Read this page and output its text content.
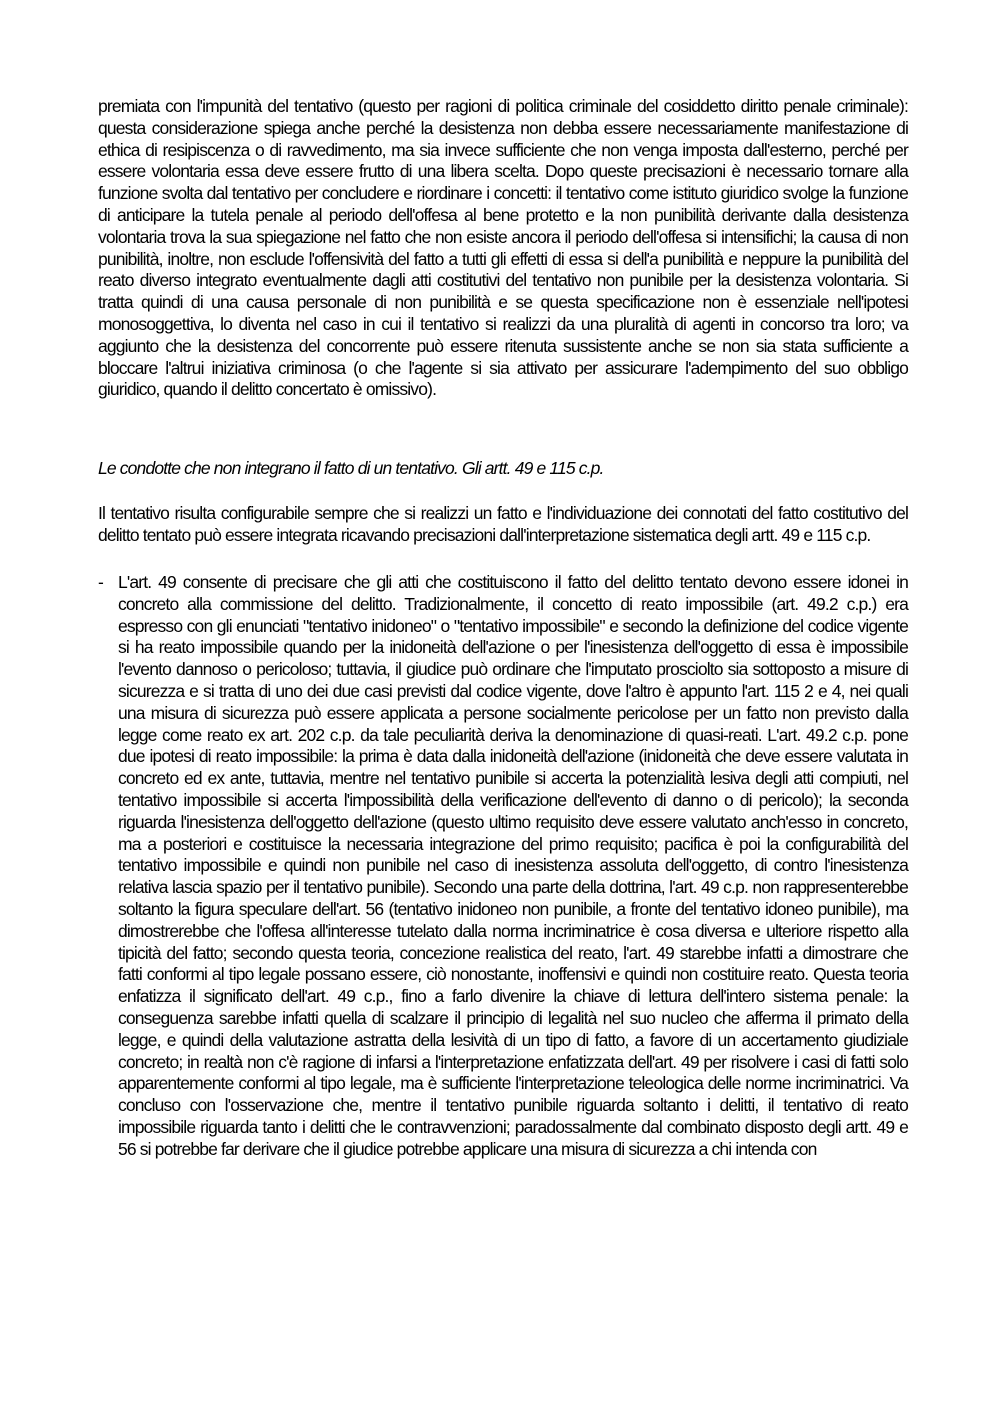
premiata con l'impunità del tentativo (questo per ragioni di politica criminale del cosiddetto diritto penale criminale): questa considerazione spiega anche perché la desistenza non debba essere necessariamente manifestazione di ethica di resipiscenza o di ravvedimento, ma sia invece sufficiente che non venga imposta dall'esterno, perché per essere volontaria essa deve essere frutto di una libera scelta. Dopo queste precisazioni è necessario tornare alla funzione svolta dal tentativo per concludere e riordinare i concetti: il tentativo come istituto giuridico svolge la funzione di anticipare la tutela penale al periodo dell'offesa al bene protetto e la non punibilità derivante dalla desistenza volontaria trova la sua spiegazione nel fatto che non esiste ancora il periodo dell'offesa si intensifichi; la causa di non punibilità, inoltre, non esclude l'offensività del fatto a tutti gli effetti di essa si dell'a punibilità e neppure la punibilità del reato diverso integrato eventualmente dagli atti costitutivi del tentativo non punibile per la desistenza volontaria. Si tratta quindi di una causa personale di non punibilità e se questa specificazione non è essenziale nell'ipotesi monosoggettiva, lo diventa nel caso in cui il tentativo si realizzi da una pluralità di agenti in concorso tra loro; va aggiunto che la desistenza del concorrente può essere ritenuta sussistente anche se non sia stata sufficiente a bloccare l'altrui iniziativa criminosa (o che l'agente si sia attivato per assicurare l'adempimento del suo obbligo giuridico, quando il delitto concertato è omissivo).

Le condotte che non integrano il fatto di un tentativo. Gli artt. 49 e 115 c.p.

Il tentativo risulta configurabile sempre che si realizzi un fatto e l'individuazione dei connotati del fatto costitutivo del delitto tentato può essere integrata ricavando precisazioni dall'interpretazione sistematica degli artt. 49 e 115 c.p.

- L'art. 49 consente di precisare che gli atti che costituiscono il fatto del delitto tentato devono essere idonei in concreto alla commissione del delitto. Tradizionalmente, il concetto di reato impossibile (art. 49.2 c.p.) era espresso con gli enunciati "tentativo inidoneo" o "tentativo impossibile" e secondo la definizione del codice vigente si ha reato impossibile quando per la inidoneità dell'azione o per l'inesistenza dell'oggetto di essa è impossibile l'evento dannoso o pericoloso; tuttavia, il giudice può ordinare che l'imputato prosciolto sia sottoposto a misure di sicurezza e si tratta di uno dei due casi previsti dal codice vigente, dove l'altro è appunto l'art. 115 2 e 4, nei quali una misura di sicurezza può essere applicata a persone socialmente pericolose per un fatto non previsto dalla legge come reato ex art. 202 c.p. da tale peculiarità deriva la denominazione di quasi-reati. L'art. 49.2 c.p. pone due ipotesi di reato impossibile: la prima è data dalla inidoneità dell'azione (inidoneità che deve essere valutata in concreto ed ex ante, tuttavia, mentre nel tentativo punibile si accerta la potenzialità lesiva degli atti compiuti, nel tentativo impossibile si accerta l'impossibilità della verificazione dell'evento di danno o di pericolo); la seconda riguarda l'inesistenza dell'oggetto dell'azione (questo ultimo requisito deve essere valutato anch'esso in concreto, ma a posteriori e costituisce la necessaria integrazione del primo requisito; pacifica è poi la configurabilità del tentativo impossibile e quindi non punibile nel caso di inesistenza assoluta dell'oggetto, di contro l'inesistenza relativa lascia spazio per il tentativo punibile). Secondo una parte della dottrina, l'art. 49 c.p. non rappresenterebbe soltanto la figura speculare dell'art. 56 (tentativo inidoneo non punibile, a fronte del tentativo idoneo punibile), ma dimostrerebbe che l'offesa all'interesse tutelato dalla norma incriminatrice è cosa diversa e ulteriore rispetto alla tipicità del fatto; secondo questa teoria, concezione realistica del reato, l'art. 49 starebbe infatti a dimostrare che fatti conformi al tipo legale possano essere, ciò nonostante, inoffensivi e quindi non costituire reato. Questa teoria enfatizza il significato dell'art. 49 c.p., fino a farlo divenire la chiave di lettura dell'intero sistema penale: la conseguenza sarebbe infatti quella di scalzare il principio di legalità nel suo nucleo che afferma il primato della legge, e quindi della valutazione astratta della lesività di un tipo di fatto, a favore di un accertamento giudiziale concreto; in realtà non c'è ragione di infarsi a l'interpretazione enfatizzata dell'art. 49 per risolvere i casi di fatti solo apparentemente conformi al tipo legale, ma è sufficiente l'interpretazione teleologica delle norme incriminatrici. Va concluso con l'osservazione che, mentre il tentativo punibile riguarda soltanto i delitti, il tentativo di reato impossibile riguarda tanto i delitti che le contravvenzioni; paradossalmente dal combinato disposto degli artt. 49 e 56 si potrebbe far derivare che il giudice potrebbe applicare una misura di sicurezza a chi intenda con
